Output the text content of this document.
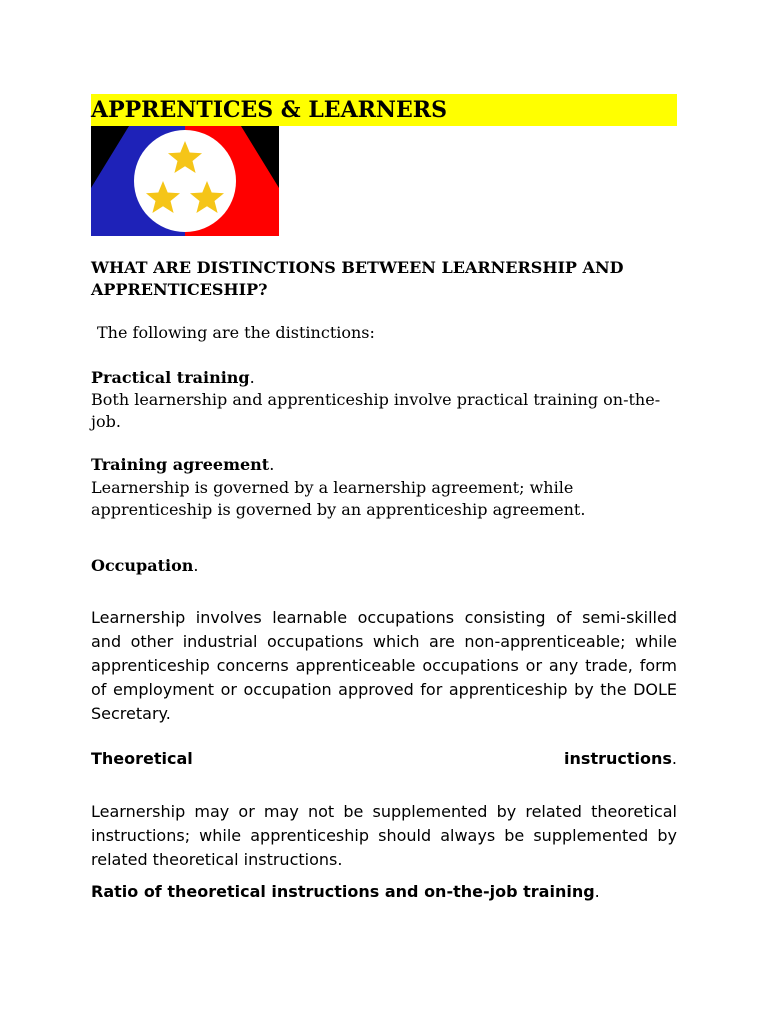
APPRENTICES & LEARNERS
WHAT ARE DISTINCTIONS BETWEEN LEARNERSHIP AND APPRENTICESHIP?
The following are the distinctions:
Practical training.
Both learnership and apprenticeship involve practical training on-the-job.
Training agreement.
Learnership is governed by a learnership agreement; while apprenticeship is governed by an apprenticeship agreement.
Occupation.
Learnership involves learnable occupations consisting of semi-skilled and other industrial occupations which are non-apprenticeable; while apprenticeship concerns apprenticeable occupations or any trade, form of employment or occupation approved for apprenticeship by the DOLE Secretary.
Theoretical	instructions.
Learnership may or may not be supplemented by related theoretical instructions; while apprenticeship should always be supplemented by related theoretical instructions.
Ratio of theoretical instructions and on-the-job training.
